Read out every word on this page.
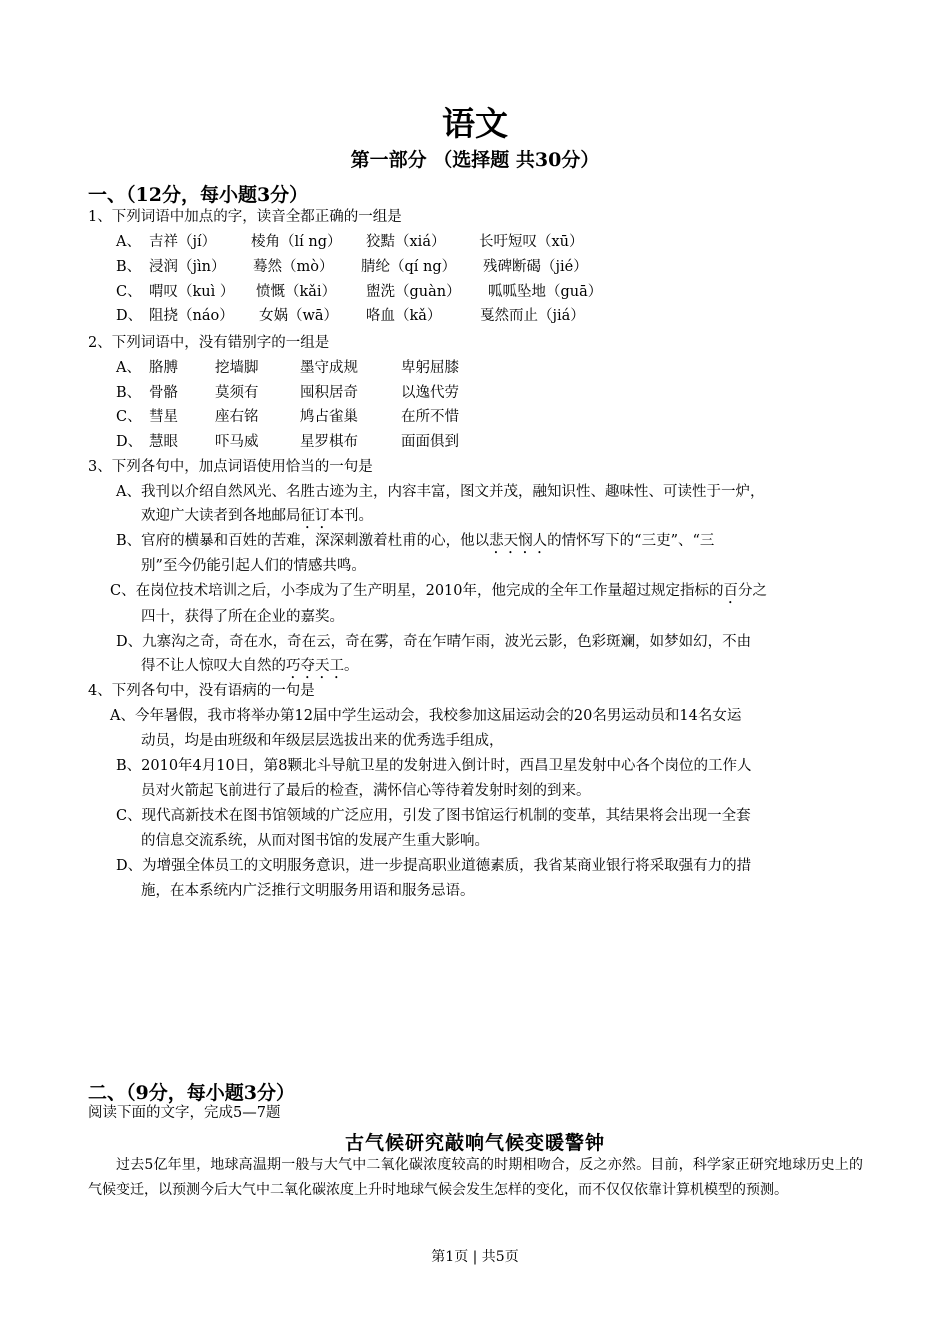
语文
第一部分 （选择题 共30分）
一、（12分，每小题3分）
1、下列词语中加点的字，读音全都正确的一组是
A、 吉祥（jí） 棱角（lí ng） 狡黠（xiá） 长吁短叹（xū）
B、 浸润（jìn） 蓦然（mò） 腈纶（qí ng） 残碑断碣（jié）
C、 喟叹（kuì ） 愤慨（kǎi） 盥洗（guàn） 呱呱坠地（guā）
D、 阻挠（náo） 女娲（wā） 咯血（kǎ）	戛然而止（jiá）
2、下列词语中，没有错别字的一组是
A、 胳膊	挖墙脚	墨守成规	卑躬屈膝
B、 骨骼	莫须有	囤积居奇	以逸代劳
C、 彗星	座右铭	鸠占雀巢	在所不惜
D、 慧眼	吓马威	星罗棋布	面面俱到
3、下列各句中，加点词语使用恰当的一句是
A、我刊以介绍自然风光、名胜古迹为主，内容丰富，图文并茂，融知识性、趣味性、可读性于一炉，
欢迎广大读者到各地邮局征订本刊。
B、官府的横暴和百姓的苦难，深深刺激着杜甫的心，他以悲天悯人的情怀写下的“三吏”、“三
别”至今仍能引起人们的情感共鸣。
C、在岗位技术培训之后，小李成为了生产明星，2010年，他完成的全年工作量超过规定指标的百分之
四十，获得了所在企业的嘉奖。
D、九寨沟之奇，奇在水，奇在云，奇在雾，奇在乍晴乍雨，波光云影，色彩斑斓，如梦如幻，不由
得不让人惊叹大自然的巧夺天工。
4、下列各句中，没有语病的一句是
A、今年暑假，我市将举办第12届中学生运动会，我校参加这届运动会的20名男运动员和14名女运
动员，均是由班级和年级层层选拔出来的优秀选手组成，
B、2010年4月10日，第8颗北斗导航卫星的发射进入倒计时，西昌卫星发射中心各个岗位的工作人
员对火箭起飞前进行了最后的检查，满怀信心等待着发射时刻的到来。
C、现代高新技术在图书馆领域的广泛应用，引发了图书馆运行机制的变革，其结果将会出现一全套
的信息交流系统，从而对图书馆的发展产生重大影响。
D、为增强全体员工的文明服务意识，进一步提高职业道德素质，我省某商业银行将采取强有力的措
施，在本系统内广泛推行文明服务用语和服务忌语。
二、（9分，每小题3分）
阅读下面的文字，完成5—7题
古气候研究敲响气候变暖警钟
过去5亿年里，地球高温期一般与大气中二氧化碳浓度较高的时期相吻合，反之亦然。目前，科学家正研究地球历史上的气候变迁，以预测今后大气中二氧化碳浓度上升时地球气候会发生怎样的变化，而不仅仅依靠计算机模型的预测。
第1页 | 共5页
